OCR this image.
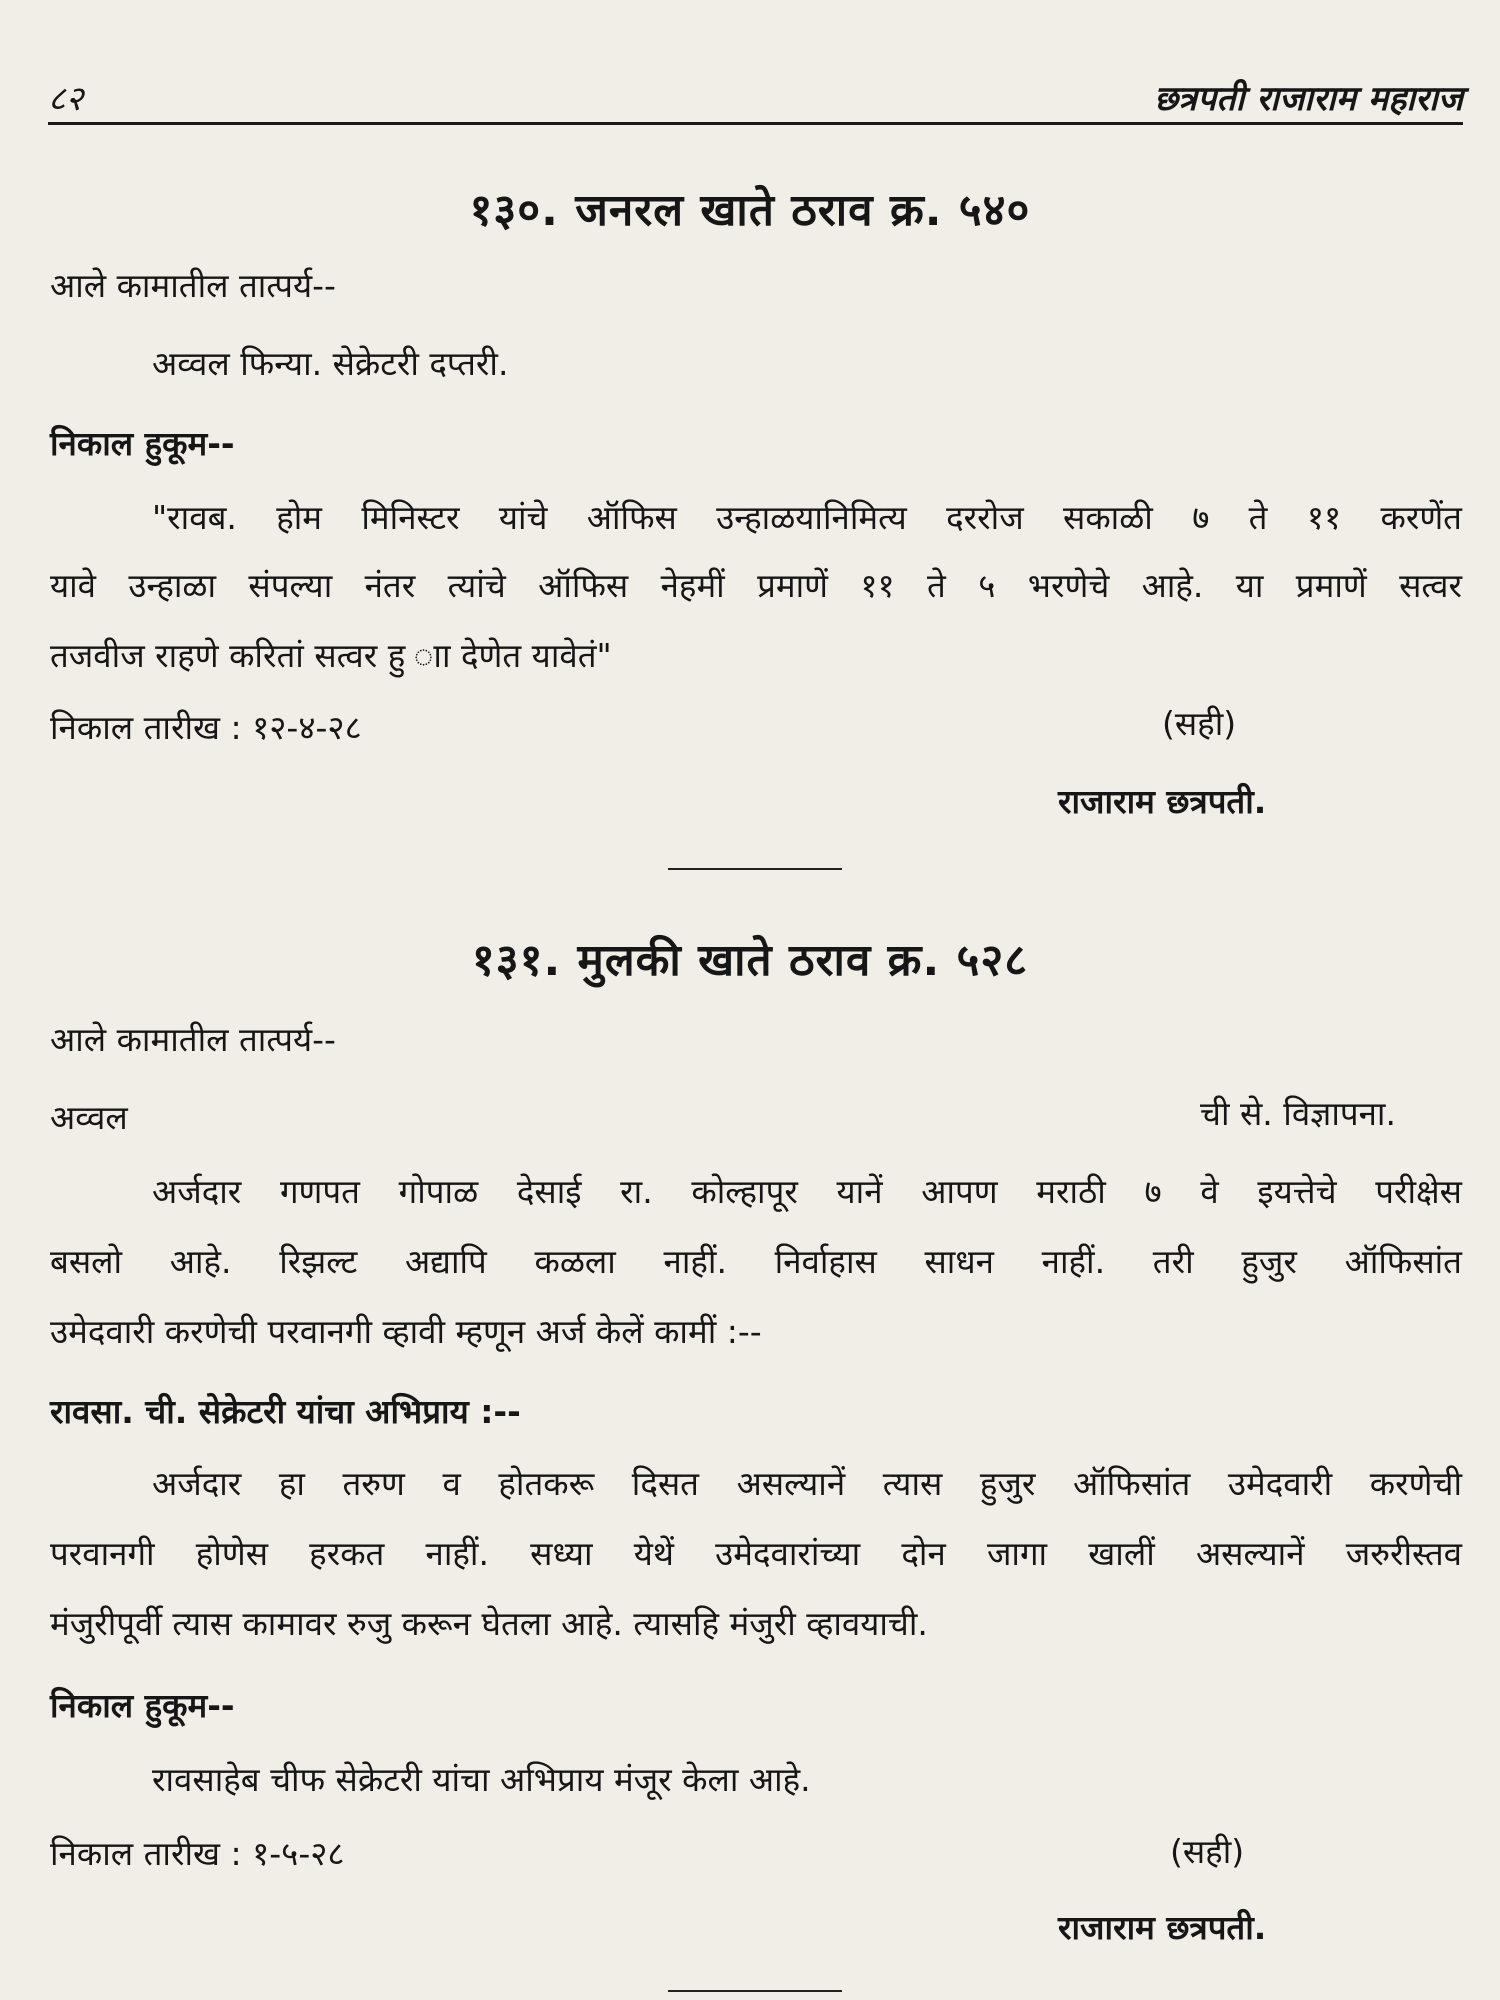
८२	छत्रपती राजाराम महाराज
१३०. जनरल खाते ठराव क्र. ५४०
आले कामातील तात्पर्य--
अव्वल फिन्या. सेक्रेटरी दप्तरी.
निकाल हुकूम--
"रावब. होम मिनिस्टर यांचे ऑफिस उन्हाळयानिमित्य दररोज सकाळी ७ ते ११ करणेंत
यावे उन्हाळा संपल्या नंतर त्यांचे ऑफिस नेहमीं प्रमाणें ११ ते ५ भरणेचे आहे. या प्रमाणें सत्वर
तजवीज राहणे करितां सत्वर हु ाा देणेत यावेतं"
निकाल तारीख : १२-४-२८	(सही)
राजाराम छत्रपती.
१३१. मुलकी खाते ठराव क्र. ५२८
आले कामातील तात्पर्य--
अव्वल	ची से. विज्ञापना.
अर्जदार गणपत गोपाळ देसाई रा. कोल्हापूर यानें आपण मराठी ७ वे इयत्तेचे परीक्षेस
बसलो आहे. रिझल्ट अद्यापि कळला नाहीं. निर्वाहास साधन नाहीं. तरी हुजुर ऑफिसांत
उमेदवारी करणेची परवानगी व्हावी म्हणून अर्ज केलें कामीं :--
रावसा. ची. सेक्रेटरी यांचा अभिप्राय :--
अर्जदार हा तरुण व होतकरू दिसत असल्यानें त्यास हुजुर ऑफिसांत उमेदवारी करणेची
परवानगी होणेस हरकत नाहीं. सध्या येथें उमेदवारांच्या दोन जागा खालीं असल्यानें जरुरीस्तव
मंजुरीपूर्वी त्यास कामावर रुजु करून घेतला आहे. त्यासहि मंजुरी व्हावयाची.
निकाल हुकूम--
रावसाहेब चीफ सेक्रेटरी यांचा अभिप्राय मंजूर केला आहे.
निकाल तारीख : १-५-२८	(सही)
राजाराम छत्रपती.
